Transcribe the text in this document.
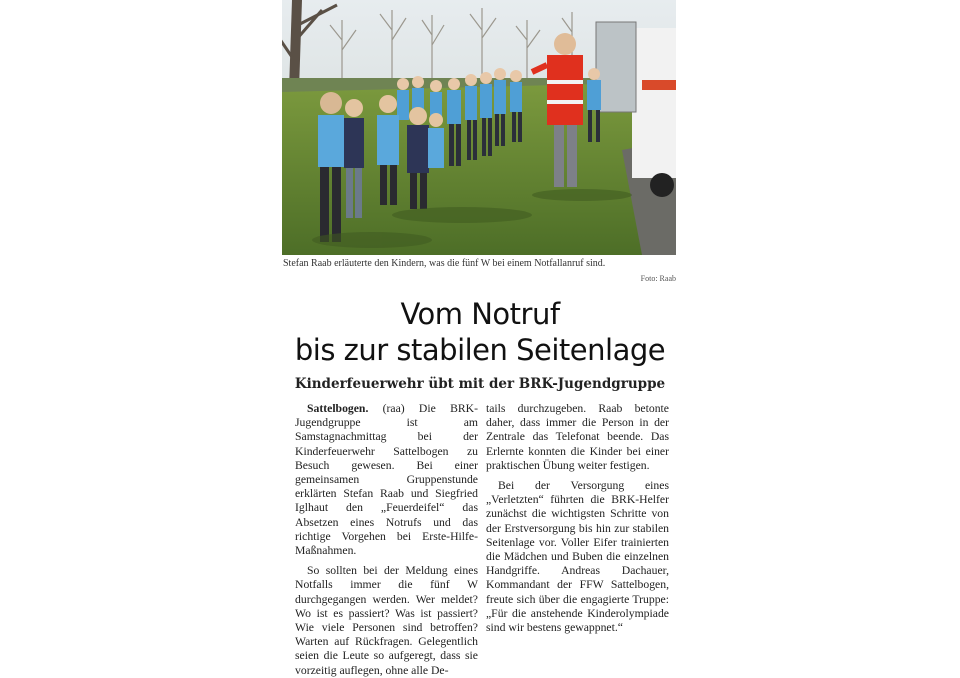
Stefan Raab erläuterte den Kindern, was die fünf W bei einem Notfallanruf sind.
Foto: Raab
Vom Notruf
bis zur stabilen Seitenlage
Kinderfeuerwehr übt mit der BRK-Jugendgruppe

Sattelbogen. (raa) Die BRK-Jugendgruppe ist am Samstagnachmittag bei der Kinderfeuerwehr Sattelbogen zu Besuch gewesen. Bei einer gemeinsamen Gruppenstunde erklärten Stefan Raab und Siegfried Iglhaut den „Feuerdeifel“ das Absetzen eines Notrufs und das richtige Vorgehen bei Erste-Hilfe-Maßnahmen.

So sollten bei der Meldung eines Notfalls immer die fünf W durchgegangen werden. Wer meldet? Wo ist es passiert? Was ist passiert? Wie viele Personen sind betroffen? Warten auf Rückfragen. Gelegentlich seien die Leute so aufgeregt, dass sie vorzeitig auflegen, ohne alle De-

tails durchzugeben. Raab betonte daher, dass immer die Person in der Zentrale das Telefonat beende. Das Erlernte konnten die Kinder bei einer praktischen Übung weiter festigen.

Bei der Versorgung eines „Verletzten“ führten die BRK-Helfer zunächst die wichtigsten Schritte von der Erstversorgung bis hin zur stabilen Seitenlage vor. Voller Eifer trainierten die Mädchen und Buben die einzelnen Handgriffe. Andreas Dachauer, Kommandant der FFW Sattelbogen, freute sich über die engagierte Truppe: „Für die anstehende Kinderolympiade sind wir bestens gewappnet.“
